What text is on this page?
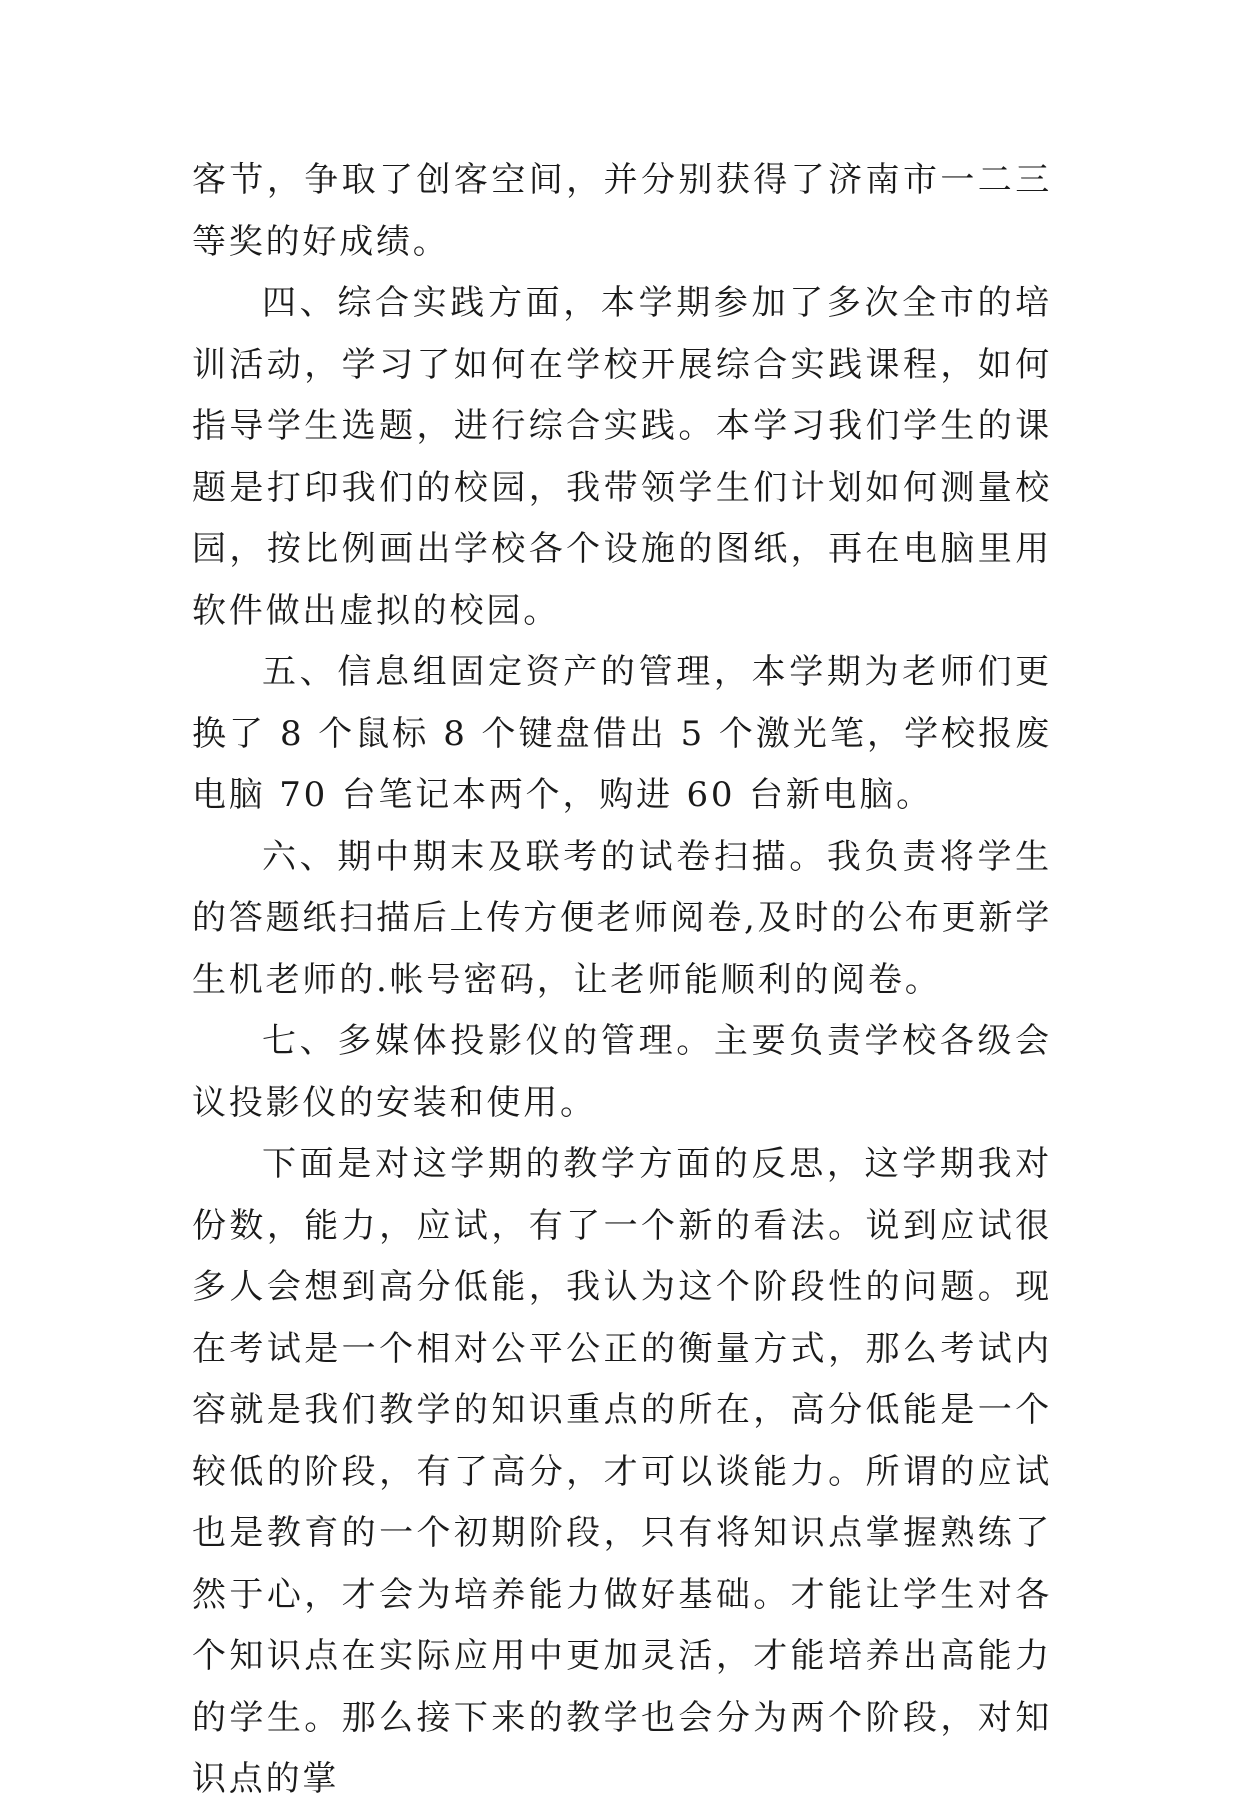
客节，争取了创客空间，并分别获得了济南市一二三等奖的好成绩。

四、综合实践方面，本学期参加了多次全市的培训活动，学习了如何在学校开展综合实践课程，如何指导学生选题，进行综合实践。本学习我们学生的课题是打印我们的校园，我带领学生们计划如何测量校园，按比例画出学校各个设施的图纸，再在电脑里用软件做出虚拟的校园。

五、信息组固定资产的管理，本学期为老师们更换了 8 个鼠标 8 个键盘借出 5 个激光笔，学校报废电脑 70 台笔记本两个，购进 60 台新电脑。

六、期中期末及联考的试卷扫描。我负责将学生的答题纸扫描后上传方便老师阅卷,及时的公布更新学生机老师的.帐号密码，让老师能顺利的阅卷。

七、多媒体投影仪的管理。主要负责学校各级会议投影仪的安装和使用。

下面是对这学期的教学方面的反思，这学期我对份数，能力，应试，有了一个新的看法。说到应试很多人会想到高分低能，我认为这个阶段性的问题。现在考试是一个相对公平公正的衡量方式，那么考试内容就是我们教学的知识重点的所在，高分低能是一个较低的阶段，有了高分，才可以谈能力。所谓的应试也是教育的一个初期阶段，只有将知识点掌握熟练了然于心，才会为培养能力做好基础。才能让学生对各个知识点在实际应用中更加灵活，才能培养出高能力的学生。那么接下来的教学也会分为两个阶段，对知识点的掌
